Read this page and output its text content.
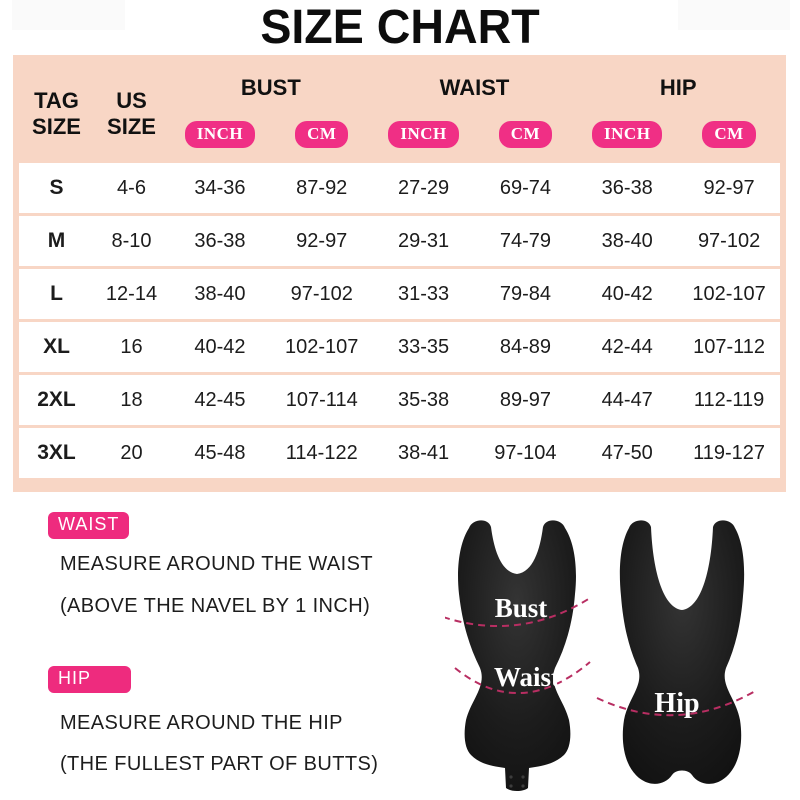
SIZE CHART
TAG
SIZE
US
SIZE
BUST	WAIST	HIP
INCH	CM	INCH	CM	INCH	CM
S	4-6	34-36	87-92	27-29	69-74	36-38	92-97
M	8-10	36-38	92-97	29-31	74-79	38-40	97-102
L	12-14	38-40	97-102	31-33	79-84	40-42	102-107
XL	16	40-42	102-107	33-35	84-89	42-44	107-112
2XL	18	42-45	107-114	35-38	89-97	44-47	112-119
3XL	20	45-48	114-122	38-41	97-104	47-50	119-127
WAIST
MEASURE AROUND THE WAIST
(ABOVE THE NAVEL BY 1 INCH)
HIP
MEASURE AROUND THE HIP
(THE FULLEST PART OF BUTTS)
Bust
Waist
Hip
